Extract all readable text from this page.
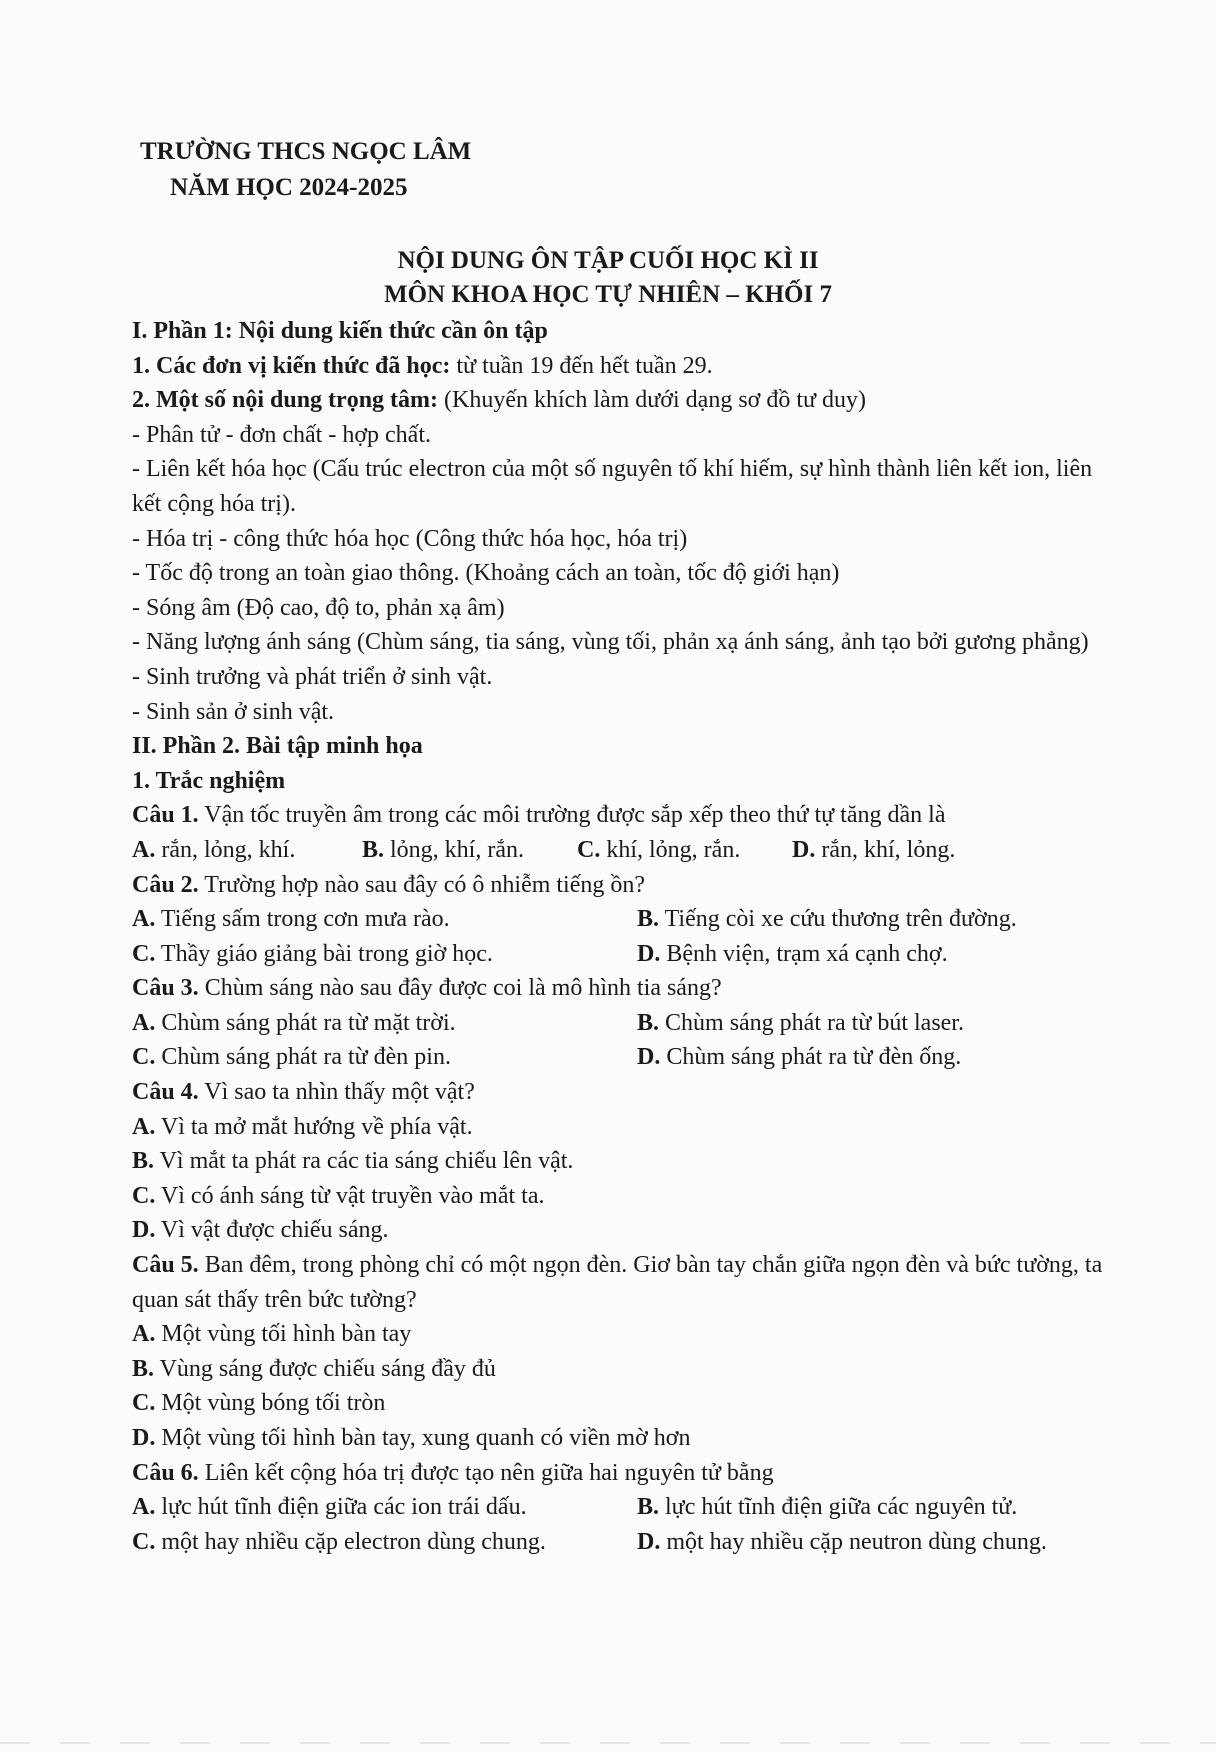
TRƯỜNG THCS NGỌC LÂM
NĂM HỌC 2024-2025
NỘI DUNG ÔN TẬP CUỐI HỌC KÌ II
MÔN KHOA HỌC TỰ NHIÊN – KHỐI 7
I. Phần 1: Nội dung kiến thức cần ôn tập
1. Các đơn vị kiến thức đã học: từ tuần 19 đến hết tuần 29.
2. Một số nội dung trọng tâm: (Khuyến khích làm dưới dạng sơ đồ tư duy)
- Phân tử - đơn chất - hợp chất.
- Liên kết hóa học (Cấu trúc electron của một số nguyên tố khí hiếm, sự hình thành liên kết ion, liên kết cộng hóa trị).
- Hóa trị - công thức hóa học (Công thức hóa học, hóa trị)
- Tốc độ trong an toàn giao thông. (Khoảng cách an toàn, tốc độ giới hạn)
- Sóng âm (Độ cao, độ to, phản xạ âm)
- Năng lượng ánh sáng (Chùm sáng, tia sáng, vùng tối, phản xạ ánh sáng, ảnh tạo bởi gương phẳng)
- Sinh trưởng và phát triển ở sinh vật.
- Sinh sản ở sinh vật.
II. Phần 2. Bài tập minh họa
1. Trắc nghiệm
Câu 1. Vận tốc truyền âm trong các môi trường được sắp xếp theo thứ tự tăng dần là
A. rắn, lỏng, khí.	B. lỏng, khí, rắn.	C. khí, lỏng, rắn.	D. rắn, khí, lỏng.
Câu 2. Trường hợp nào sau đây có ô nhiễm tiếng ồn?
A. Tiếng sấm trong cơn mưa rào.	B. Tiếng còi xe cứu thương trên đường.
C. Thầy giáo giảng bài trong giờ học.	D. Bệnh viện, trạm xá cạnh chợ.
Câu 3. Chùm sáng nào sau đây được coi là mô hình tia sáng?
A. Chùm sáng phát ra từ mặt trời.	B. Chùm sáng phát ra từ bút laser.
C. Chùm sáng phát ra từ đèn pin.	D. Chùm sáng phát ra từ đèn ống.
Câu 4. Vì sao ta nhìn thấy một vật?
A. Vì ta mở mắt hướng về phía vật.
B. Vì mắt ta phát ra các tia sáng chiếu lên vật.
C. Vì có ánh sáng từ vật truyền vào mắt ta.
D. Vì vật được chiếu sáng.
Câu 5. Ban đêm, trong phòng chỉ có một ngọn đèn. Giơ bàn tay chắn giữa ngọn đèn và bức tường, ta quan sát thấy trên bức tường?
A. Một vùng tối hình bàn tay
B. Vùng sáng được chiếu sáng đầy đủ
C. Một vùng bóng tối tròn
D. Một vùng tối hình bàn tay, xung quanh có viền mờ hơn
Câu 6. Liên kết cộng hóa trị được tạo nên giữa hai nguyên tử bằng
A. lực hút tĩnh điện giữa các ion trái dấu.	B. lực hút tĩnh điện giữa các nguyên tử.
C. một hay nhiều cặp electron dùng chung.	D. một hay nhiều cặp neutron dùng chung.
